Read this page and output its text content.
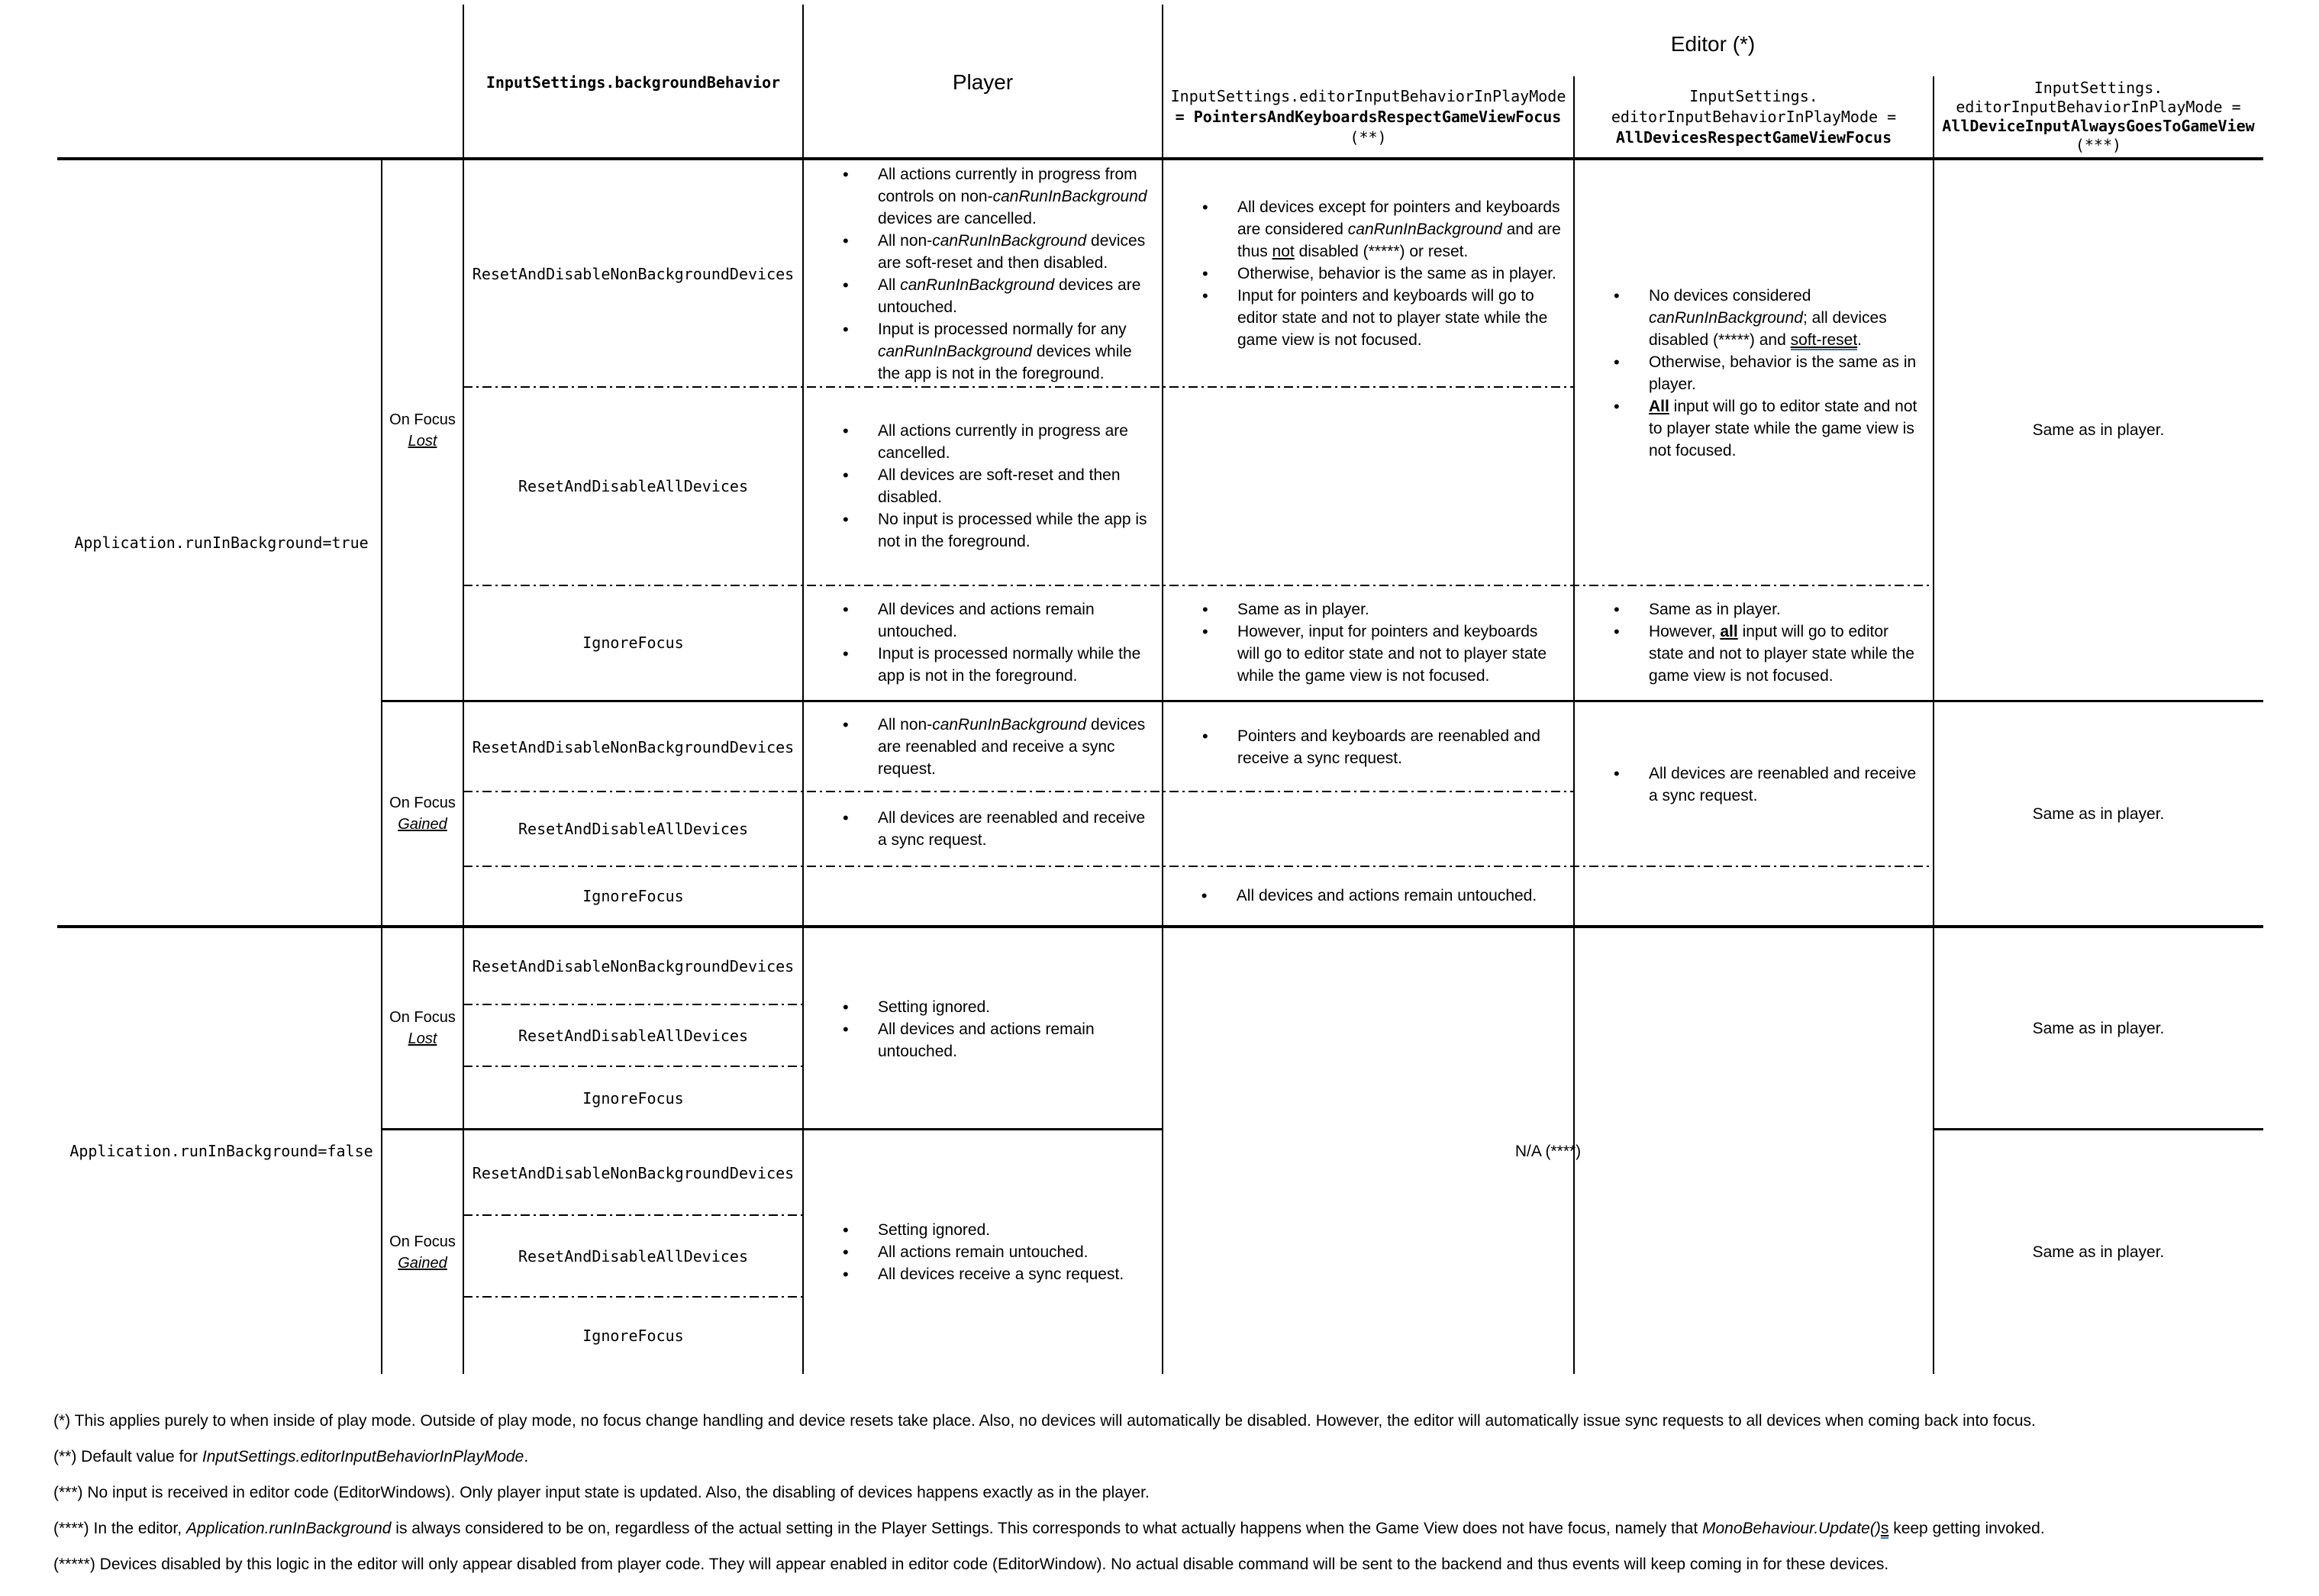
InputSettings.backgroundBehavior	Player
Editor (*)
InputSettings.editorInputBehaviorInPlayMode
= PointersAndKeyboardsRespectGameViewFocus
(**)
InputSettings.
editorInputBehaviorInPlayMode =
AllDevicesRespectGameViewFocus
InputSettings.
editorInputBehaviorInPlayMode =
AllDeviceInputAlwaysGoesToGameView
(***)
Application.runInBackground=true
Application.runInBackground=false
On Focus
Lost
On Focus
Gained
On Focus
Lost
On Focus
Gained
ResetAndDisableNonBackgroundDevices
ResetAndDisableAllDevices
IgnoreFocus
ResetAndDisableNonBackgroundDevices
ResetAndDisableAllDevices
IgnoreFocus
ResetAndDisableNonBackgroundDevices
ResetAndDisableAllDevices
IgnoreFocus
ResetAndDisableNonBackgroundDevices
ResetAndDisableAllDevices
IgnoreFocus
• All actions currently in progress from controls on non-canRunInBackground devices are cancelled.
• All non-canRunInBackground devices are soft-reset and then disabled.
• All canRunInBackground devices are untouched.
• Input is processed normally for any canRunInBackground devices while the app is not in the foreground.
• All actions currently in progress are cancelled.
• All devices are soft-reset and then disabled.
• No input is processed while the app is not in the foreground.
• All devices and actions remain untouched.
• Input is processed normally while the app is not in the foreground.
• All non-canRunInBackground devices are reenabled and receive a sync request.
• All devices are reenabled and receive a sync request.
• Setting ignored.
• All devices and actions remain untouched.
• Setting ignored.
• All actions remain untouched.
• All devices receive a sync request.
• All devices except for pointers and keyboards are considered canRunInBackground and are thus not disabled (*****) or reset.
• Otherwise, behavior is the same as in player.
• Input for pointers and keyboards will go to editor state and not to player state while the game view is not focused.
• Same as in player.
• However, input for pointers and keyboards will go to editor state and not to player state while the game view is not focused.
• Pointers and keyboards are reenabled and receive a sync request.
• No devices considered canRunInBackground; all devices disabled (*****) and soft-reset.
• Otherwise, behavior is the same as in player.
• All input will go to editor state and not to player state while the game view is not focused.
• Same as in player.
• However, all input will go to editor state and not to player state while the game view is not focused.
• All devices are reenabled and receive a sync request.
• All devices and actions remain untouched.
Same as in player.
Same as in player.
Same as in player.
Same as in player.
N/A (****)
(*) This applies purely to when inside of play mode. Outside of play mode, no focus change handling and device resets take place. Also, no devices will automatically be disabled. However, the editor will automatically issue sync requests to all devices when coming back into focus.
(**) Default value for InputSettings.editorInputBehaviorInPlayMode.
(***) No input is received in editor code (EditorWindows). Only player input state is updated. Also, the disabling of devices happens exactly as in the player.
(****) In the editor, Application.runInBackground is always considered to be on, regardless of the actual setting in the Player Settings. This corresponds to what actually happens when the Game View does not have focus, namely that MonoBehaviour.Update()s keep getting invoked.
(*****) Devices disabled by this logic in the editor will only appear disabled from player code. They will appear enabled in editor code (EditorWindow). No actual disable command will be sent to the backend and thus events will keep coming in for these devices.
